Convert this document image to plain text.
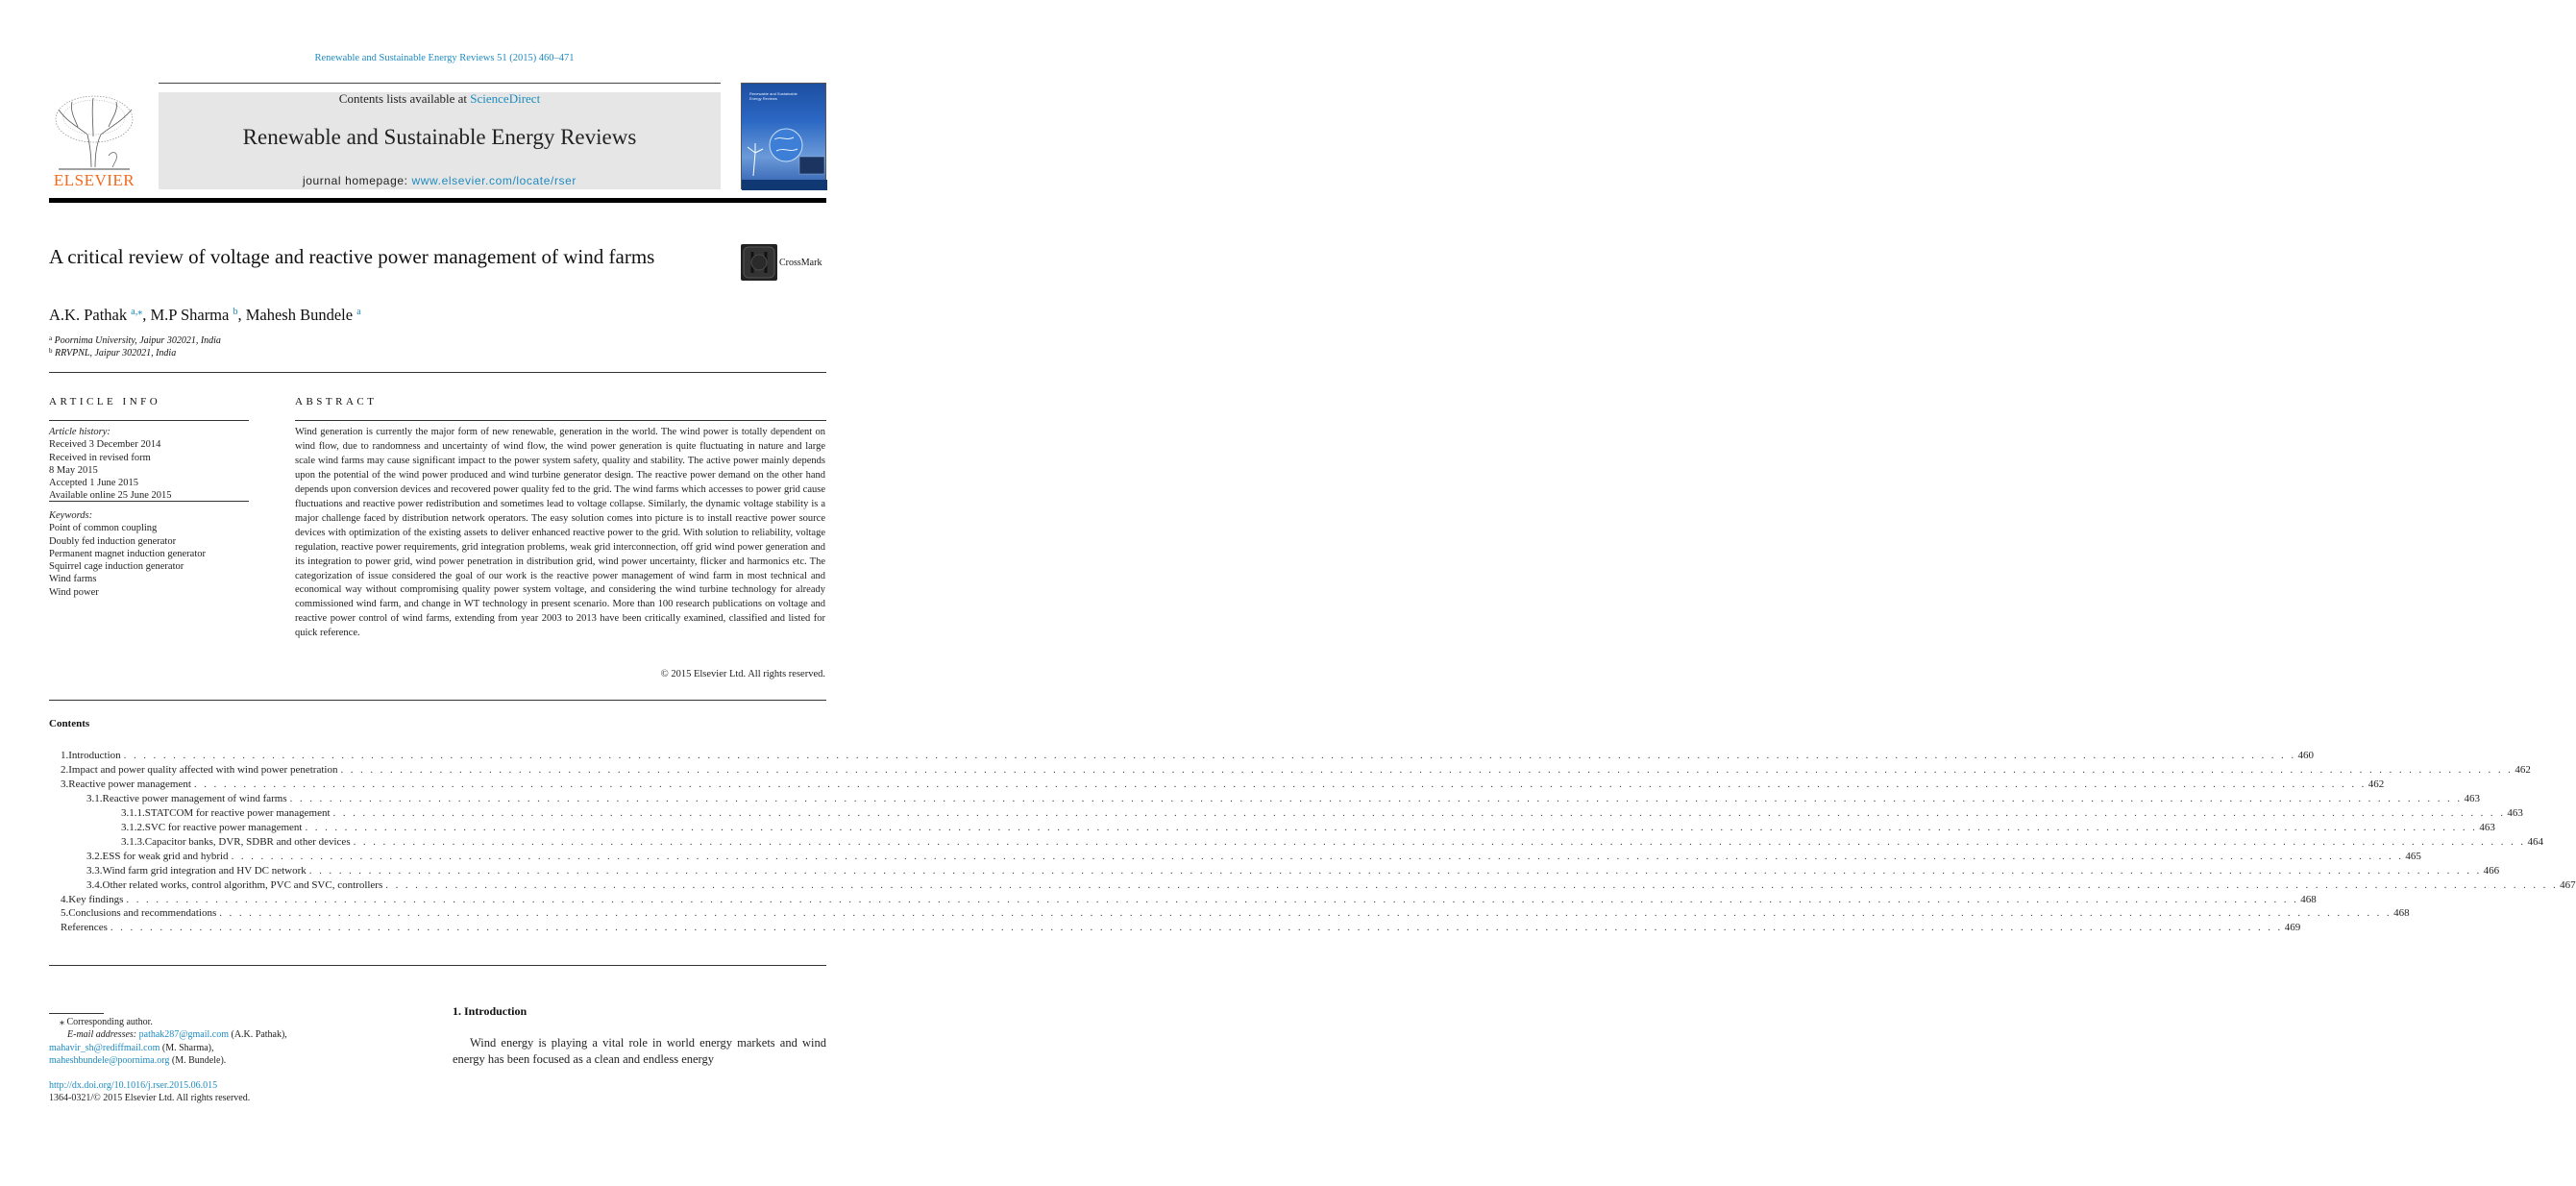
Renewable and Sustainable Energy Reviews 51 (2015) 460–471
ELSEVIER
Contents lists available at ScienceDirect
Renewable and Sustainable Energy Reviews
journal homepage: www.elsevier.com/locate/rser
Renewable and Sustainable Energy Reviews
A critical review of voltage and reactive power management of wind farms	CrossMark
A.K. Pathak $^{a,⁎}$, M.P Sharma $^b$, Mahesh Bundele $^a$
$^a$ Poornima University, Jaipur 302021, India
$^b$ RRVPNL, Jaipur 302021, India
ARTICLE INFO
Article history:
Received 3 December 2014
Received in revised form
8 May 2015
Accepted 1 June 2015
Available online 25 June 2015
Keywords:
Point of common coupling
Doubly fed induction generator
Permanent magnet induction generator
Squirrel cage induction generator
Wind farms
Wind power
ABSTRACT
Wind generation is currently the major form of new renewable, generation in the world. The wind power is totally dependent on wind flow, due to randomness and uncertainty of wind flow, the wind power generation is quite fluctuating in nature and large scale wind farms may cause significant impact to the power system safety, quality and stability. The active power mainly depends upon the potential of the wind power produced and wind turbine generator design. The reactive power demand on the other hand depends upon conversion devices and recovered power quality fed to the grid. The wind farms which accesses to power grid cause fluctuations and reactive power redistribution and sometimes lead to voltage collapse. Similarly, the dynamic voltage stability is a major challenge faced by distribution network operators. The easy solution comes into picture is to install reactive power source devices with optimization of the existing assets to deliver enhanced reactive power to the grid. With solution to reliability, voltage regulation, reactive power requirements, grid integration problems, weak grid interconnection, off grid wind power generation and its integration to power grid, wind power penetration in distribution grid, wind power uncertainty, flicker and harmonics etc. The categorization of issue considered the goal of our work is the reactive power management of wind farm in most technical and economical way without compromising quality power system voltage, and considering the wind turbine technology for already commissioned wind farm, and change in WT technology in present scenario. More than 100 research publications on voltage and reactive power control of wind farms, extending from year 2003 to 2013 have been critically examined, classified and listed for quick reference.
© 2015 Elsevier Ltd. All rights reserved.
Contents
1. Introduction . . . . . . . . . . . . . . . . . . . . . . . . . . . . . . . . . . . . . . . . . . . . . . . . . . . . . . . . . . . . . . . . . . . . . . . . . . . . . . . . . . . . . . . . . . . . . . . . . . . . . . . . . . . . . . . . . . . . . . . . . . . . . . . . . . . . . . . . . . . . . . . . . . . . . . . . . . . . . . . . . . . . . . . . . . . . . . . . . . . . . . . . . . . . . . . . . . . . . . . . . . . . . . . . . . . . . . . . . . . . 460
2. Impact and power quality affected with wind power penetration . . . . . . . . . . . . . . . . . . . . . . . . . . . . . . . . . . . . . . . . . . . . . . . . . . . . . . . . . . . . . . . . . . . . . . . . . . . . . . . . . . . . . . . . . . . . . . . . . . . . . . . . . . . . . . . . . . . . . . . . . . . . . . . . . . . . . . . . . . . . . . . . . . . . . . . . . . . . . . . . . . . . . . . . . . . . . . . . . . . . . . . . . . . . . . . . . . . . . . . . . . . . . . . . . . . . . . . . . . . . 462
3. Reactive power management . . . . . . . . . . . . . . . . . . . . . . . . . . . . . . . . . . . . . . . . . . . . . . . . . . . . . . . . . . . . . . . . . . . . . . . . . . . . . . . . . . . . . . . . . . . . . . . . . . . . . . . . . . . . . . . . . . . . . . . . . . . . . . . . . . . . . . . . . . . . . . . . . . . . . . . . . . . . . . . . . . . . . . . . . . . . . . . . . . . . . . . . . . . . . . . . . . . . . . . . . . . . . . . . . . . . . . . . . . . . 462
3.1. Reactive power management of wind farms . . . . . . . . . . . . . . . . . . . . . . . . . . . . . . . . . . . . . . . . . . . . . . . . . . . . . . . . . . . . . . . . . . . . . . . . . . . . . . . . . . . . . . . . . . . . . . . . . . . . . . . . . . . . . . . . . . . . . . . . . . . . . . . . . . . . . . . . . . . . . . . . . . . . . . . . . . . . . . . . . . . . . . . . . . . . . . . . . . . . . . . . . . . . . . . . . . . . . . . . . . . . . . . . . . . . . . . . . . . . 463
3.1.1. STATCOM for reactive power management . . . . . . . . . . . . . . . . . . . . . . . . . . . . . . . . . . . . . . . . . . . . . . . . . . . . . . . . . . . . . . . . . . . . . . . . . . . . . . . . . . . . . . . . . . . . . . . . . . . . . . . . . . . . . . . . . . . . . . . . . . . . . . . . . . . . . . . . . . . . . . . . . . . . . . . . . . . . . . . . . . . . . . . . . . . . . . . . . . . . . . . . . . . . . . . . . . . . . . . . . . . . . . . . . . . . . . . . . . . . 463
3.1.2. SVC for reactive power management . . . . . . . . . . . . . . . . . . . . . . . . . . . . . . . . . . . . . . . . . . . . . . . . . . . . . . . . . . . . . . . . . . . . . . . . . . . . . . . . . . . . . . . . . . . . . . . . . . . . . . . . . . . . . . . . . . . . . . . . . . . . . . . . . . . . . . . . . . . . . . . . . . . . . . . . . . . . . . . . . . . . . . . . . . . . . . . . . . . . . . . . . . . . . . . . . . . . . . . . . . . . . . . . . . . . . . . . . . . . 463
3.1.3. Capacitor banks, DVR, SDBR and other devices . . . . . . . . . . . . . . . . . . . . . . . . . . . . . . . . . . . . . . . . . . . . . . . . . . . . . . . . . . . . . . . . . . . . . . . . . . . . . . . . . . . . . . . . . . . . . . . . . . . . . . . . . . . . . . . . . . . . . . . . . . . . . . . . . . . . . . . . . . . . . . . . . . . . . . . . . . . . . . . . . . . . . . . . . . . . . . . . . . . . . . . . . . . . . . . . . . . . . . . . . . . . . . . . . . . . . . . . . . . . 464
3.2. ESS for weak grid and hybrid . . . . . . . . . . . . . . . . . . . . . . . . . . . . . . . . . . . . . . . . . . . . . . . . . . . . . . . . . . . . . . . . . . . . . . . . . . . . . . . . . . . . . . . . . . . . . . . . . . . . . . . . . . . . . . . . . . . . . . . . . . . . . . . . . . . . . . . . . . . . . . . . . . . . . . . . . . . . . . . . . . . . . . . . . . . . . . . . . . . . . . . . . . . . . . . . . . . . . . . . . . . . . . . . . . . . . . . . . . . . 465
3.3. Wind farm grid integration and HV DC network . . . . . . . . . . . . . . . . . . . . . . . . . . . . . . . . . . . . . . . . . . . . . . . . . . . . . . . . . . . . . . . . . . . . . . . . . . . . . . . . . . . . . . . . . . . . . . . . . . . . . . . . . . . . . . . . . . . . . . . . . . . . . . . . . . . . . . . . . . . . . . . . . . . . . . . . . . . . . . . . . . . . . . . . . . . . . . . . . . . . . . . . . . . . . . . . . . . . . . . . . . . . . . . . . . . . . . . . . . . . 466
3.4. Other related works, control algorithm, PVC and SVC, controllers . . . . . . . . . . . . . . . . . . . . . . . . . . . . . . . . . . . . . . . . . . . . . . . . . . . . . . . . . . . . . . . . . . . . . . . . . . . . . . . . . . . . . . . . . . . . . . . . . . . . . . . . . . . . . . . . . . . . . . . . . . . . . . . . . . . . . . . . . . . . . . . . . . . . . . . . . . . . . . . . . . . . . . . . . . . . . . . . . . . . . . . . . . . . . . . . . . . . . . . . . . . . . . . . . . . . . . . . . . . . 467
4. Key findings . . . . . . . . . . . . . . . . . . . . . . . . . . . . . . . . . . . . . . . . . . . . . . . . . . . . . . . . . . . . . . . . . . . . . . . . . . . . . . . . . . . . . . . . . . . . . . . . . . . . . . . . . . . . . . . . . . . . . . . . . . . . . . . . . . . . . . . . . . . . . . . . . . . . . . . . . . . . . . . . . . . . . . . . . . . . . . . . . . . . . . . . . . . . . . . . . . . . . . . . . . . . . . . . . . . . . . . . . . . . 468
5. Conclusions and recommendations . . . . . . . . . . . . . . . . . . . . . . . . . . . . . . . . . . . . . . . . . . . . . . . . . . . . . . . . . . . . . . . . . . . . . . . . . . . . . . . . . . . . . . . . . . . . . . . . . . . . . . . . . . . . . . . . . . . . . . . . . . . . . . . . . . . . . . . . . . . . . . . . . . . . . . . . . . . . . . . . . . . . . . . . . . . . . . . . . . . . . . . . . . . . . . . . . . . . . . . . . . . . . . . . . . . . . . . . . . . . 468
References . . . . . . . . . . . . . . . . . . . . . . . . . . . . . . . . . . . . . . . . . . . . . . . . . . . . . . . . . . . . . . . . . . . . . . . . . . . . . . . . . . . . . . . . . . . . . . . . . . . . . . . . . . . . . . . . . . . . . . . . . . . . . . . . . . . . . . . . . . . . . . . . . . . . . . . . . . . . . . . . . . . . . . . . . . . . . . . . . . . . . . . . . . . . . . . . . . . . . . . . . . . . . . . . . . . . . . . . . . . . 469
⁎ Corresponding author.
E-mail addresses: pathak287@gmail.com (A.K. Pathak),
mahavir_sh@rediffmail.com (M. Sharma),
maheshbundele@poornima.org (M. Bundele).
http://dx.doi.org/10.1016/j.rser.2015.06.015
1364-0321/© 2015 Elsevier Ltd. All rights reserved.
1. Introduction
Wind energy is playing a vital role in world energy markets and wind energy has been focused as a clean and endless energy
